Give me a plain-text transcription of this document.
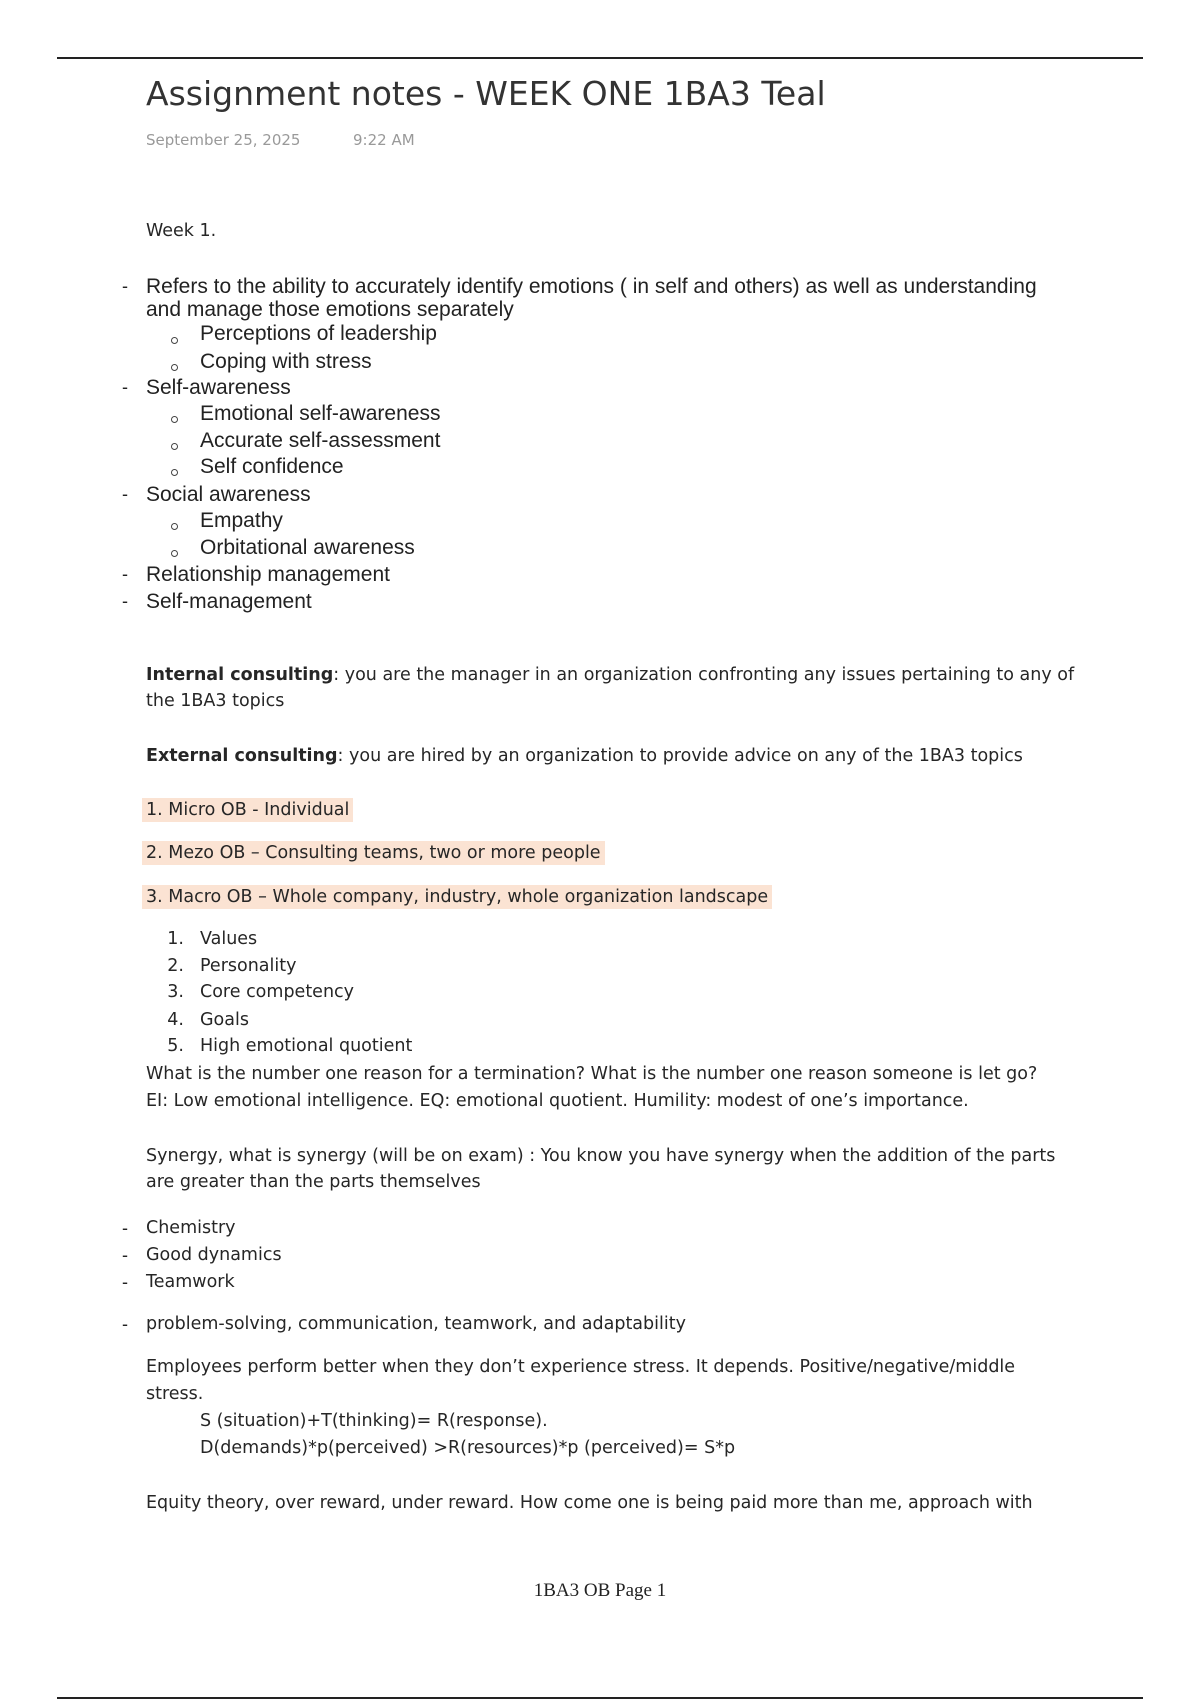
Assignment notes - WEEK ONE 1BA3 Teal
September 25, 2025	9:22 AM
Week 1.
- Refers to the ability to accurately identify emotions ( in self and others) as well as understanding
and manage those emotions separately
Perceptions of leadership
Coping with stress
- Self-awareness
Emotional self-awareness
Accurate self-assessment
Self confidence
- Social awareness
Empathy
Orbitational awareness
- Relationship management
- Self-management
Internal consulting: you are the manager in an organization confronting any issues pertaining to any of
the 1BA3 topics
External consulting: you are hired by an organization to provide advice on any of the 1BA3 topics
1. Micro OB - Individual
2. Mezo OB – Consulting teams, two or more people
3. Macro OB – Whole company, industry, whole organization landscape
1. Values
2. Personality
3. Core competency
4. Goals
5. High emotional quotient
What is the number one reason for a termination? What is the number one reason someone is let go?
EI: Low emotional intelligence. EQ: emotional quotient. Humility: modest of one’s importance.
Synergy, what is synergy (will be on exam) : You know you have synergy when the addition of the parts
are greater than the parts themselves
- Chemistry
- Good dynamics
- Teamwork
- problem-solving, communication, teamwork, and adaptability
Employees perform better when they don’t experience stress. It depends. Positive/negative/middle
stress.
S (situation)+T(thinking)= R(response).
D(demands)*p(perceived) >R(resources)*p (perceived)= S*p
Equity theory, over reward, under reward. How come one is being paid more than me, approach with
1BA3 OB Page 1
